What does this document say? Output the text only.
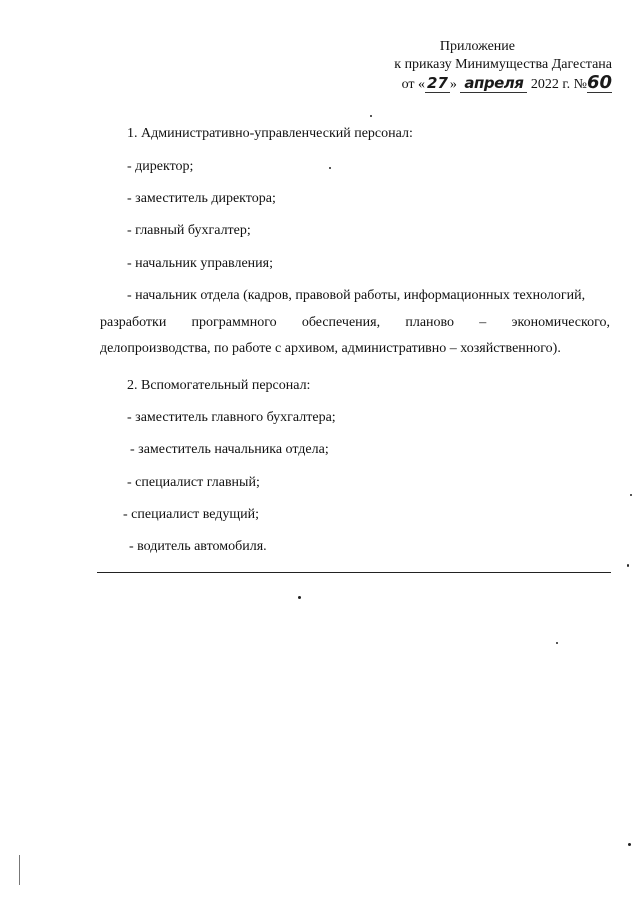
Приложение
к приказу Минимущества Дагестана
от « 27 » апреля 2022 г. №60
1. Административно-управленческий персонал:
- директор;
- заместитель директора;
- главный бухгалтер;
- начальник управления;
- начальник отдела (кадров, правовой работы, информационных технологий,
разработки программного обеспечения, планово – экономического,
делопроизводства, по работе с архивом, административно – хозяйственного).
2. Вспомогательный персонал:
- заместитель главного бухгалтера;
- заместитель начальника отдела;
- специалист главный;
- специалист ведущий;
- водитель автомобиля.
